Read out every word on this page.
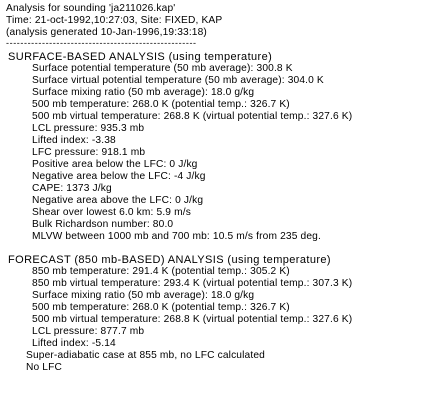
Analysis for sounding 'ja211026.kap'
Time: 21-oct-1992,10:27:03, Site: FIXED, KAP
(analysis generated 10-Jan-1996,19:33:18)
-----------------------------------------------------
SURFACE-BASED ANALYSIS (using temperature)
Surface potential temperature (50 mb average): 300.8 K
Surface virtual potential temperature (50 mb average): 304.0 K
Surface mixing ratio (50 mb average): 18.0 g/kg
500 mb temperature: 268.0 K (potential temp.: 326.7 K)
500 mb virtual temperature: 268.8 K (virtual potential temp.: 327.6 K)
LCL pressure: 935.3 mb
Lifted index: -3.38
LFC pressure: 918.1 mb
Positive area below the LFC: 0 J/kg
Negative area below the LFC: -4 J/kg
CAPE: 1373 J/kg
Negative area above the LFC: 0 J/kg
Shear over lowest 6.0 km: 5.9 m/s
Bulk Richardson number: 80.0
MLVW between 1000 mb and 700 mb: 10.5 m/s from 235 deg.
FORECAST (850 mb-BASED) ANALYSIS (using temperature)
850 mb temperature: 291.4 K (potential temp.: 305.2 K)
850 mb virtual temperature: 293.4 K (virtual potential temp.: 307.3 K)
Surface mixing ratio (50 mb average): 18.0 g/kg
500 mb temperature: 268.0 K (potential temp.: 326.7 K)
500 mb virtual temperature: 268.8 K (virtual potential temp.: 327.6 K)
LCL pressure: 877.7 mb
Lifted index: -5.14
Super-adiabatic case at 855 mb, no LFC calculated
No LFC
